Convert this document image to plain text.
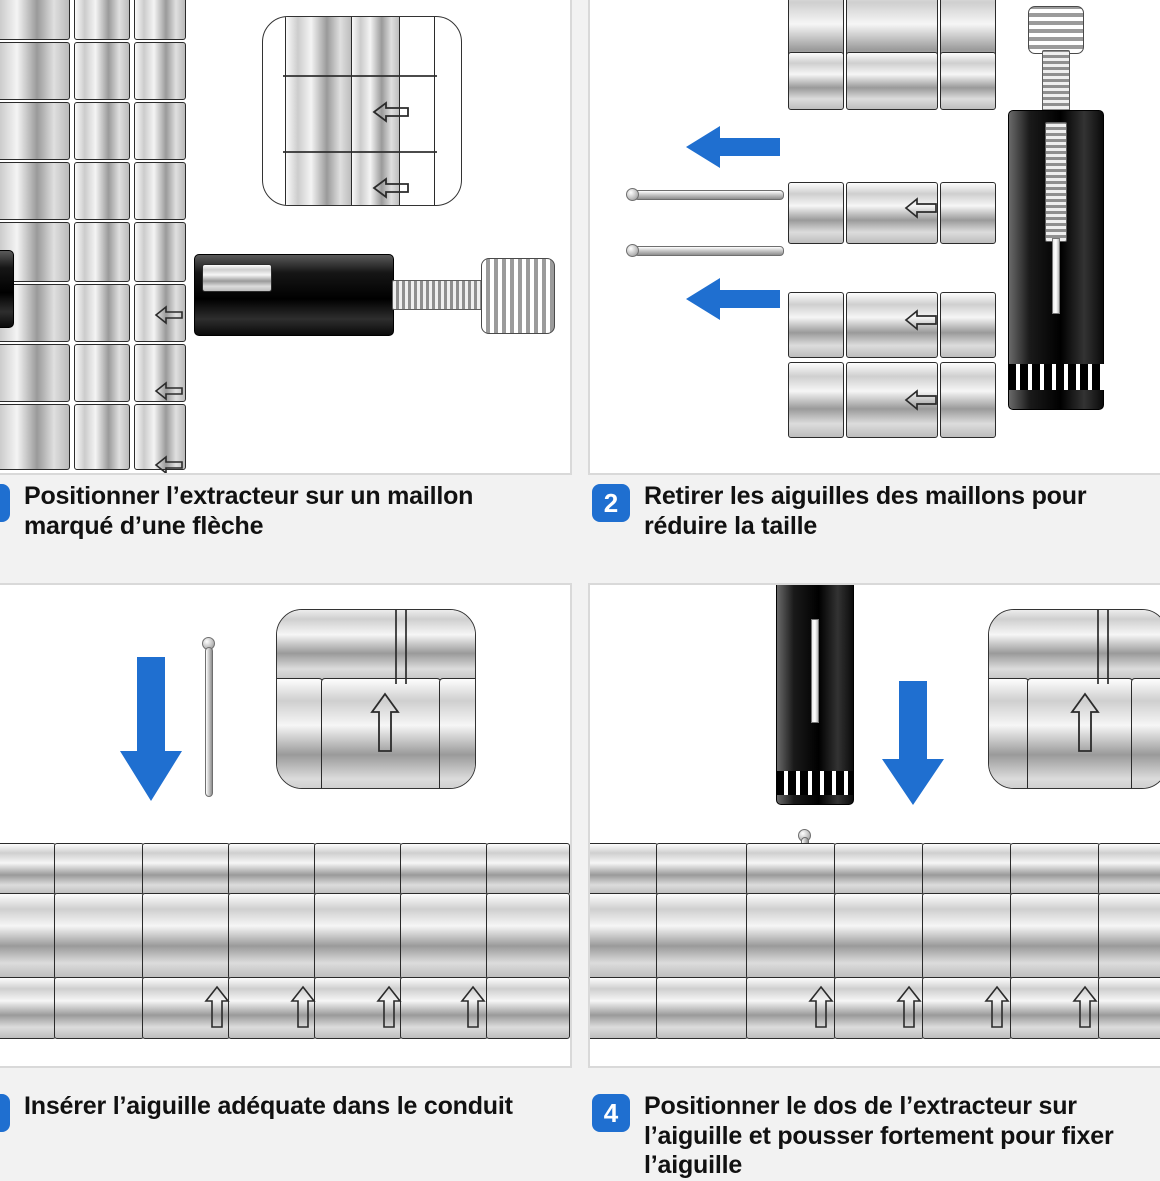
Positionner l’extracteur sur un maillon marqué d’une flèche
2	Retirer les aiguilles des maillons pour réduire la taille
Insérer l’aiguille adéquate dans le conduit	4	Positionner le dos de l’extracteur sur l’aiguille et pousser fortement pour fixer l’aiguille
